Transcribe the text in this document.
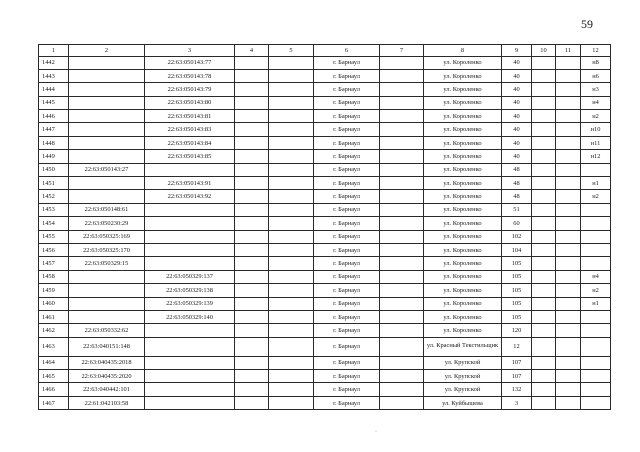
59
1	2	3	4	5	6	7	8	9	10	11	12
1442		22:63:050143:77			г. Барнаул		ул. Короленко	40			н8
1443		22:63:050143:78			г. Барнаул		ул. Короленко	40			н6
1444		22:63:050143:79			г. Барнаул		ул. Короленко	40			н3
1445		22:63:050143:80			г. Барнаул		ул. Короленко	40			н4
1446		22:63:050143:81			г. Барнаул		ул. Короленко	40			н2
1447		22:63:050143:83			г. Барнаул		ул. Короленко	40			н10
1448		22:63:050143:84			г. Барнаул		ул. Короленко	40			н11
1449		22:63:050143:85			г. Барнаул		ул. Короленко	40			н12
1450	22:63:050143:27				г. Барнаул		ул. Короленко	48			
1451		22:63:050143:91			г. Барнаул		ул. Короленко	48			н1
1452		22:63:050143:92			г. Барнаул		ул. Короленко	48			н2
1453	22:63:050148:61				г. Барнаул		ул. Короленко	51			
1454	22:63:050230:29				г. Барнаул		ул. Короленко	60			
1455	22:63:050325:169				г. Барнаул		ул. Короленко	102			
1456	22:63:050325:170				г. Барнаул		ул. Короленко	104			
1457	22:63:050329:15				г. Барнаул		ул. Короленко	105			
1458		22:63:050329:137			г. Барнаул		ул. Короленко	105			н4
1459		22:63:050329:138			г. Барнаул		ул. Короленко	105			н2
1460		22:63:050329:139			г. Барнаул		ул. Короленко	105			н1
1461		22:63:050329:140			г. Барнаул		ул. Короленко	105			
1462	22:63:050332:62				г. Барнаул		ул. Короленко	120			
1463	22:63:040151:148				г. Барнаул		ул. Красный Текстильщик	12			
1464	22:63:040435:2018				г. Барнаул		ул. Крупской	107			
1465	22:63:040435:2020				г. Барнаул		ул. Крупской	107			
1466	22:63:040442:101				г. Барнаул		ул. Крупской	132			
1467	22:61:042103:58				г. Барнаул		ул. Куйбышева	3			
·
